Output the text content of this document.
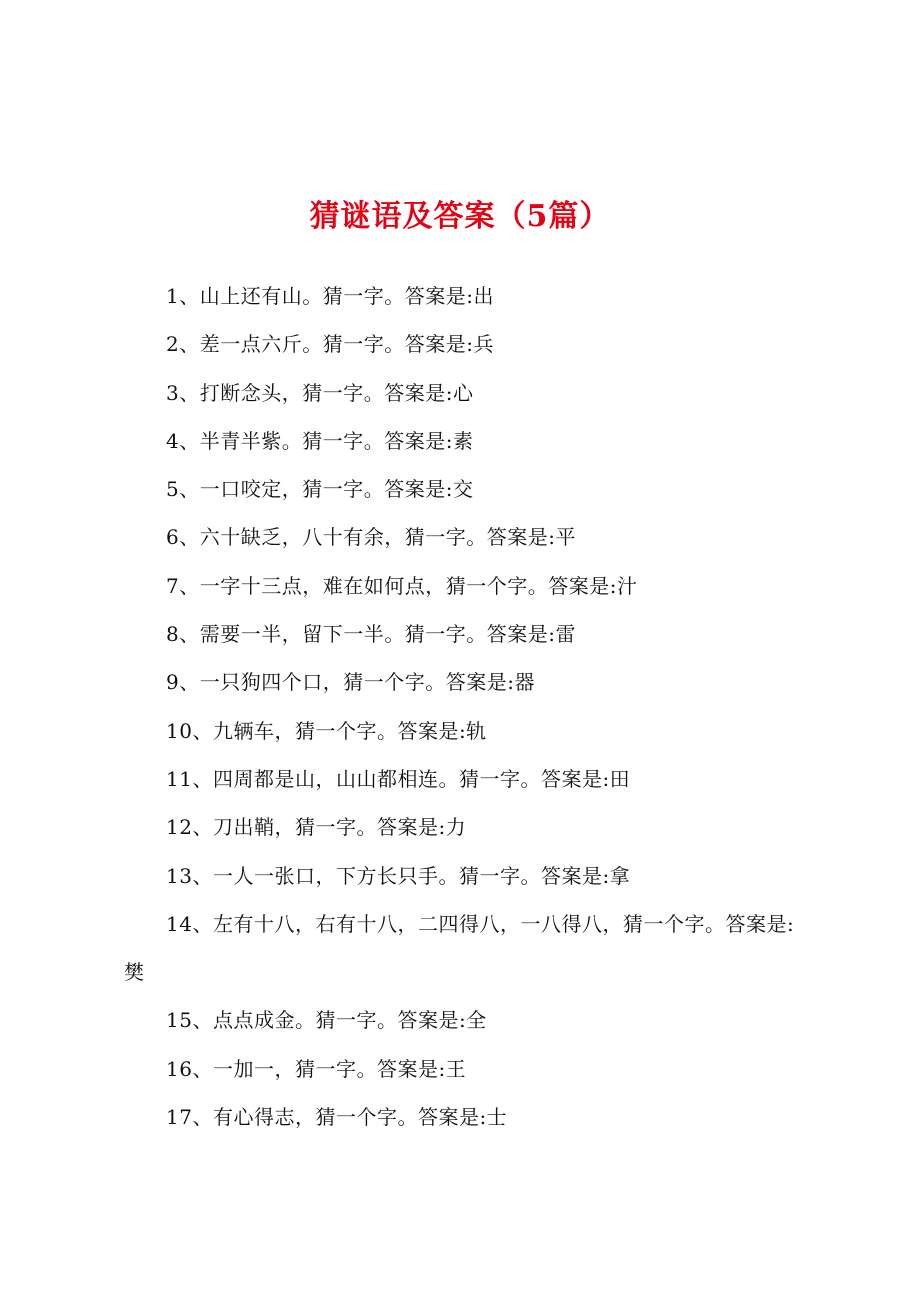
猜谜语及答案（5篇）

1、山上还有山。猜一字。答案是:出

2、差一点六斤。猜一字。答案是:兵

3、打断念头，猜一字。答案是:心

4、半青半紫。猜一字。答案是:素

5、一口咬定，猜一字。答案是:交

6、六十缺乏，八十有余，猜一字。答案是:平

7、一字十三点，难在如何点，猜一个字。答案是:汁

8、需要一半，留下一半。猜一字。答案是:雷

9、一只狗四个口，猜一个字。答案是:器

10、九辆车，猜一个字。答案是:轨

11、四周都是山，山山都相连。猜一字。答案是:田

12、刀出鞘，猜一字。答案是:力

13、一人一张口，下方长只手。猜一字。答案是:拿

14、左有十八，右有十八，二四得八，一八得八，猜一个字。答案是:樊

15、点点成金。猜一字。答案是:全

16、一加一，猜一字。答案是:王

17、有心得志，猜一个字。答案是:士
